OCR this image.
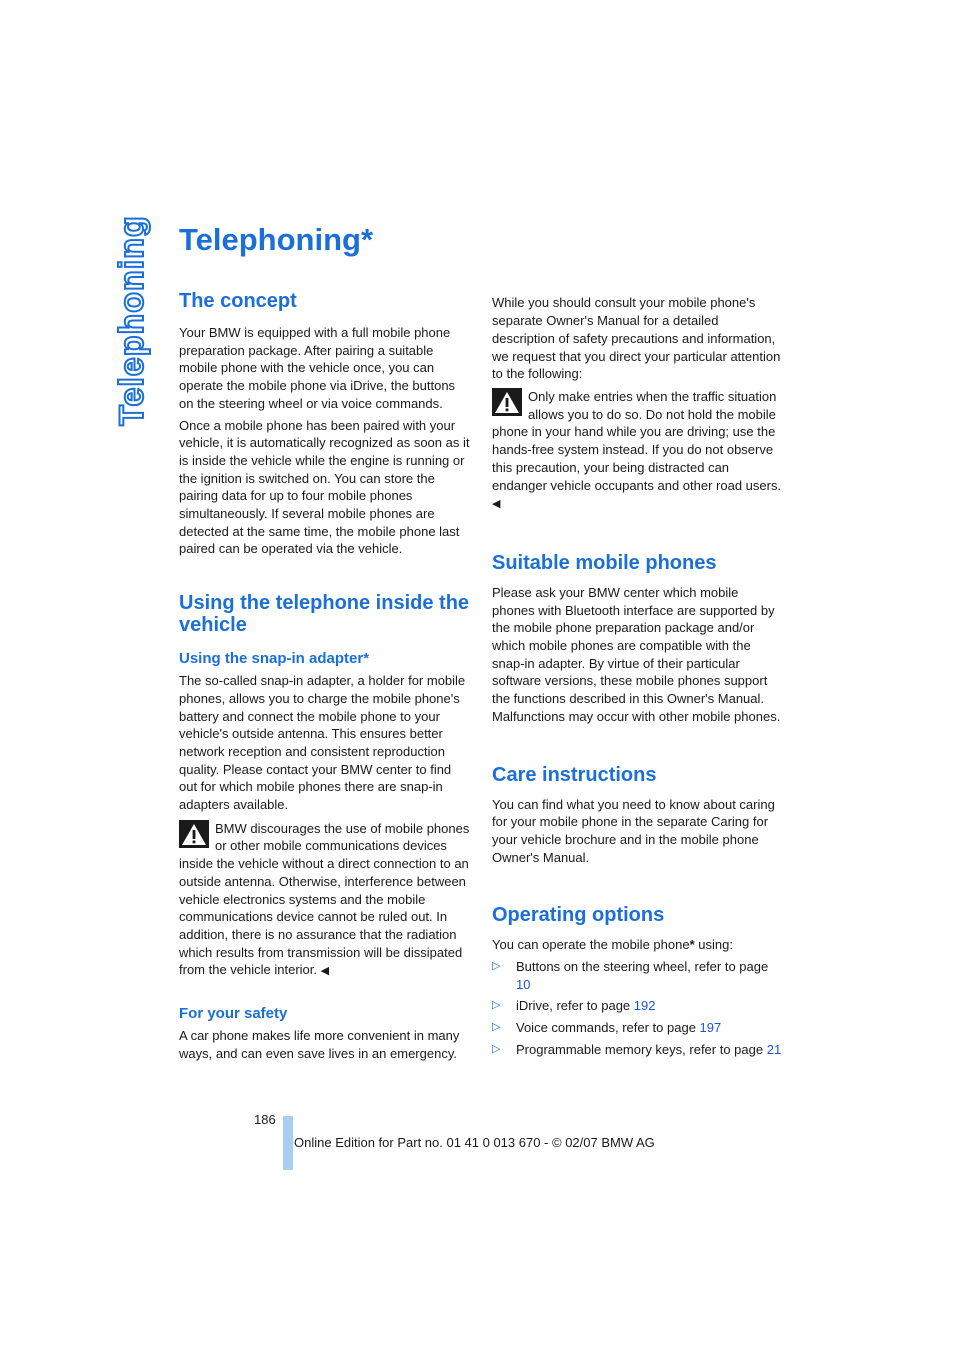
Telephoning Telephoning*
The concept

Your BMW is equipped with a full mobile phone preparation package. After pairing a suitable mobile phone with the vehicle once, you can operate the mobile phone via iDrive, the buttons on the steering wheel or via voice commands.

Once a mobile phone has been paired with your vehicle, it is automatically recognized as soon as it is inside the vehicle while the engine is running or the ignition is switched on. You can store the pairing data for up to four mobile phones simultaneously. If several mobile phones are detected at the same time, the mobile phone last paired can be operated via the vehicle.

Using the telephone inside the vehicle
Using the snap-in adapter*

The so-called snap-in adapter, a holder for mobile phones, allows you to charge the mobile phone's battery and connect the mobile phone to your vehicle's outside antenna. This ensures better network reception and consistent reproduction quality. Please contact your BMW center to find out for which mobile phones there are snap-in adapters available.

BMW discourages the use of mobile phones or other mobile communications devices inside the vehicle without a direct connection to an outside antenna. Otherwise, interference between vehicle electronics systems and the mobile communications device cannot be ruled out. In addition, there is no assurance that the radiation which results from transmission will be dissipated from the vehicle interior. ◀
For your safety

A car phone makes life more convenient in many ways, and can even save lives in an emergency.

While you should consult your mobile phone's separate Owner's Manual for a detailed description of safety precautions and information, we request that you direct your particular attention to the following:

Only make entries when the traffic situation allows you to do so. Do not hold the mobile phone in your hand while you are driving; use the hands-free system instead. If you do not observe this precaution, your being distracted can endanger vehicle occupants and other road users. ◀
Suitable mobile phones

Please ask your BMW center which mobile phones with Bluetooth interface are supported by the mobile phone preparation package and/or which mobile phones are compatible with the snap-in adapter. By virtue of their particular software versions, these mobile phones support the functions described in this Owner's Manual. Malfunctions may occur with other mobile phones.

Care instructions

You can find what you need to know about caring for your mobile phone in the separate Caring for your vehicle brochure and in the mobile phone Owner's Manual.

Operating options

You can operate the mobile phone* using:

▷ Buttons on the steering wheel, refer to page 10
▷ iDrive, refer to page 192
▷ Voice commands, refer to page 197
▷ Programmable memory keys, refer to page 21
186
Online Edition for Part no. 01 41 0 013 670 - © 02/07 BMW AG
